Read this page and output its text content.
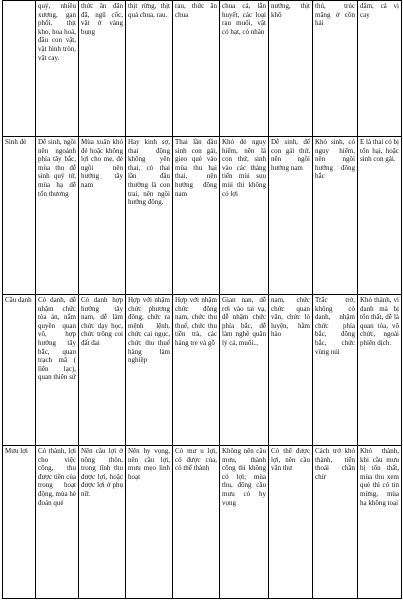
	quý, nhiều xương, gan phổi, thịt kho, hoa hoả, đầu con vật, vật hình tròn, vật cay.	thức ăn đãn đã, ngũ cốc, vật ở vàng bụng	thịt rừng, thịt quả chua, rau.	rau, thức ăn chua	chua cá, lẫn huyết, các loại rau muối, vật có hạt, có nhân	nướng, thịt khô	thú, trúc măng ở cồn hải	đầm, cá vị cay
Sinh đẻ	Dễ sinh, ngồi nên ngoảnh phía tây bắc, mùa thu dễ sinh quý tử, mùa hạ dễ tổn thương	Mùa xuân khó đẻ hoặc không lợi cho mẹ, đẻ ngồi nên hướng tây nam	Hay kinh sợ, thai động không yên thai, có thai lần đầu thường là con trai, nên ngồi hướng đông.	Thai lần đầu sinh con gái, gieo quẻ vào mùa thu hại thai, nên hướng đông nam	Khó đẻ nguy hiểm, nên là con thứ, sinh vào các tháng tiến mùi suu mùi thì không có lợi	Dễ sinh, để con gái thứ, nên ngồi hướng nam	Khó sinh, có nguy hiểm, nên ngồi hướng đông bắc	E là thai có bị tổn hại, hoặc sinh con gái.
Cầu danh	Có danh, dễ nhậm chức tòa án, nắm quyền quan võ, hợp hướng tây bắc, quan trạch mã ( liên lạc), quan thiên sứ	Có danh hợp hướng tây nam, dễ làm chức dạy học, chức trông coi đất đai	Hợp với nhậm chức phương đông, chức ra mệnh lệnh, chức cai ngục, chức thu thuế hàng làm nghiệp	Hợp với nhậm chức đông nam, chức thu thuế, chức thu tiền trà, các hàng tre và gỗ	Gian nan, dễ rơi vào tai vạ, dễ nhậm chức phía bắc, dễ làm nghề quân lý cá, muối...	nam, chức chức quan văn, chức lò luyện, hầm hào	Trắc trở, không có danh, nhậm chức phía bắc, đông bắc, chức vùng núi	Khó thành, vì danh mà bị tổn thất, dễ là quan tòa, võ chức, ngoài phiên dịch.
Mưu lợi	Có thành, lợi cho việc công, thu được tiền của trong hoạt động, mùa hè đoán quẻ	Nên cầu lợi ở nông thôn, trong tĩnh thu được lợi, hoặc được lợi ở phụ nữ.	Nên hy vọng, nên cầu lợi, mưu mẹo linh hoạt	Có mư u lợi, có được của, có thể thành	Không nên cầu mưu, thành công thì không có lợi; mùa thu, đông cầu mưu có hy vọng	Có thể được lợi, nên cầu văn thư	Cách trở khó thành, tiến thoái chần chừ	Khó thành, khi cầu mưu bị tổn thất, mùa thu xem quẻ thì có tin mừng, mùa hạ không toại
